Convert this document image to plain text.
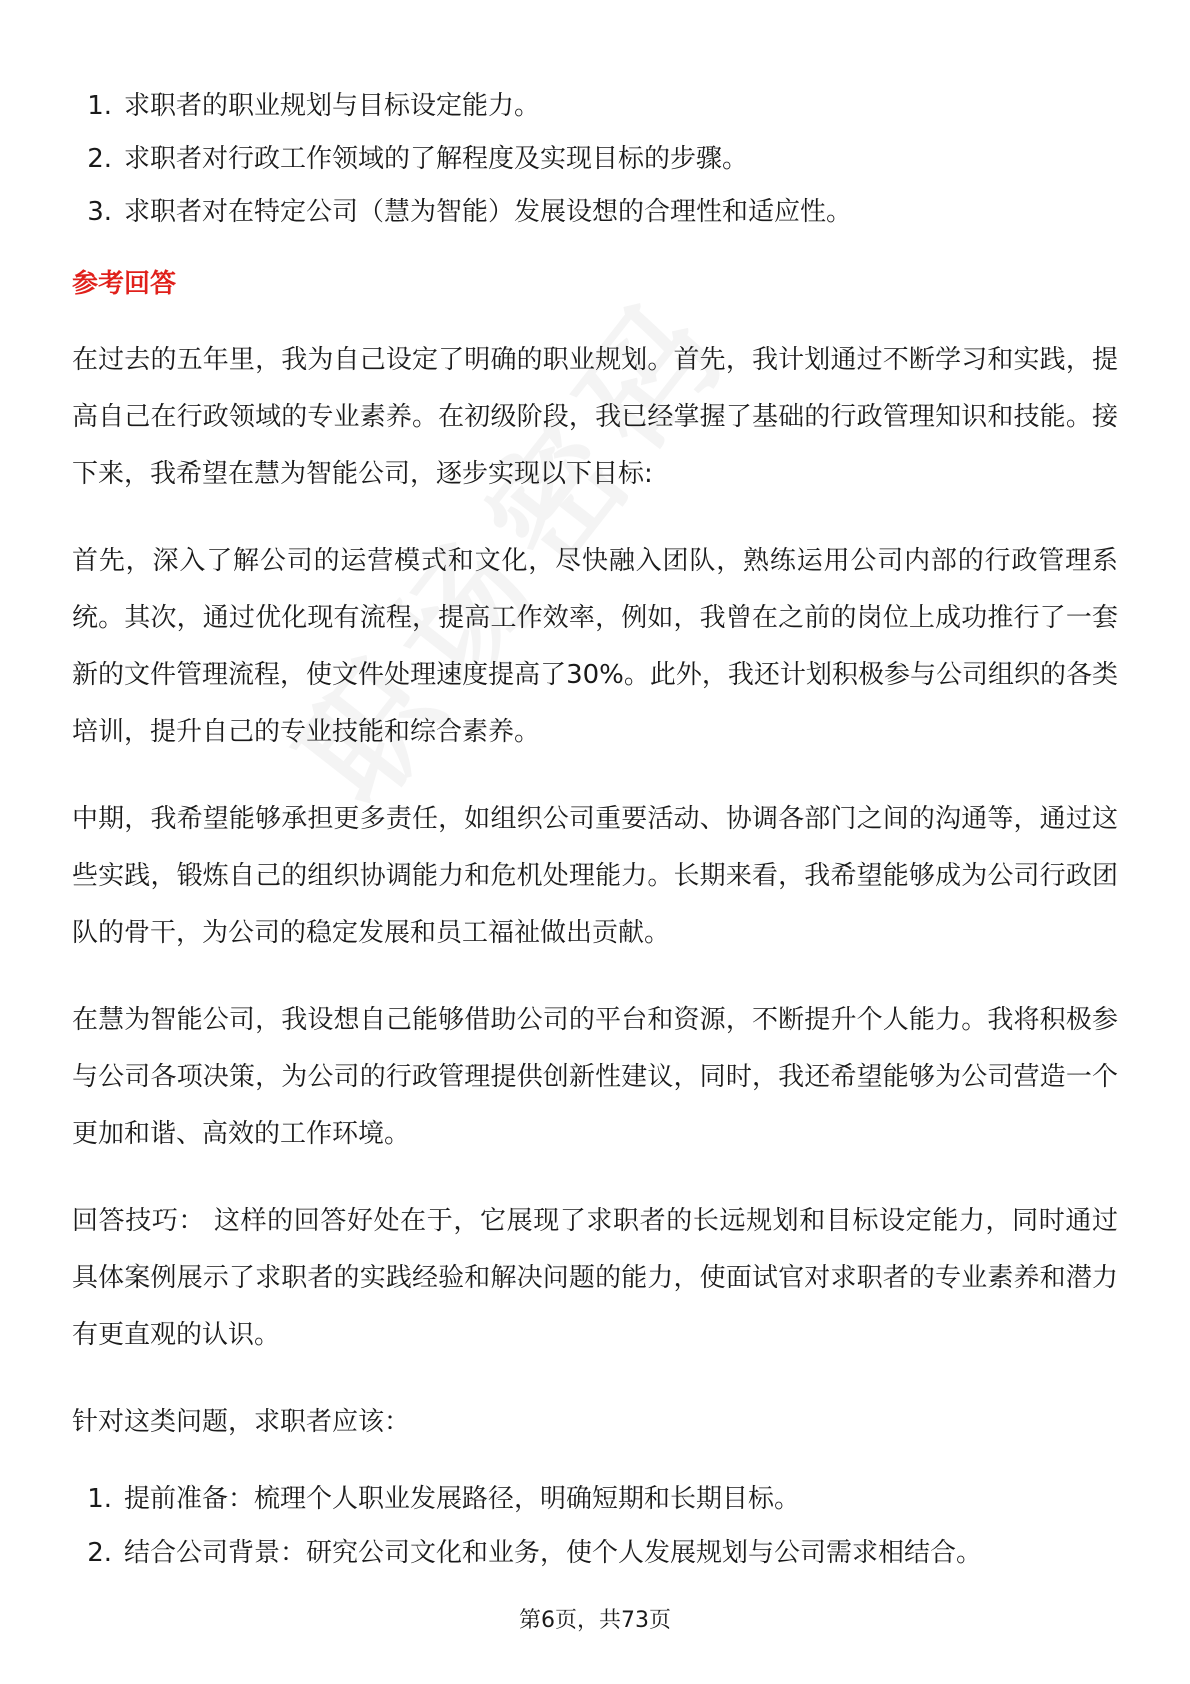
1. 求职者的职业规划与目标设定能力。
2. 求职者对行政工作领域的了解程度及实现目标的步骤。
3. 求职者对在特定公司（慧为智能）发展设想的合理性和适应性。
参考回答

在过去的五年里，我为自己设定了明确的职业规划。首先，我计划通过不断学习和实践，提高自己在行政领域的专业素养。在初级阶段，我已经掌握了基础的行政管理知识和技能。接下来，我希望在慧为智能公司，逐步实现以下目标:

首先，深入了解公司的运营模式和文化，尽快融入团队，熟练运用公司内部的行政管理系统。其次，通过优化现有流程，提高工作效率，例如，我曾在之前的岗位上成功推行了一套新的文件管理流程，使文件处理速度提高了30%。此外，我还计划积极参与公司组织的各类培训，提升自己的专业技能和综合素养。

中期，我希望能够承担更多责任，如组织公司重要活动、协调各部门之间的沟通等，通过这些实践，锻炼自己的组织协调能力和危机处理能力。长期来看，我希望能够成为公司行政团队的骨干，为公司的稳定发展和员工福祉做出贡献。

在慧为智能公司，我设想自己能够借助公司的平台和资源，不断提升个人能力。我将积极参与公司各项决策，为公司的行政管理提供创新性建议，同时，我还希望能够为公司营造一个更加和谐、高效的工作环境。

回答技巧： 这样的回答好处在于，它展现了求职者的长远规划和目标设定能力，同时通过具体案例展示了求职者的实践经验和解决问题的能力，使面试官对求职者的专业素养和潜力有更直观的认识。

针对这类问题，求职者应该：

1. 提前准备：梳理个人职业发展路径，明确短期和长期目标。
2. 结合公司背景：研究公司文化和业务，使个人发展规划与公司需求相结合。
第6页，共73页
